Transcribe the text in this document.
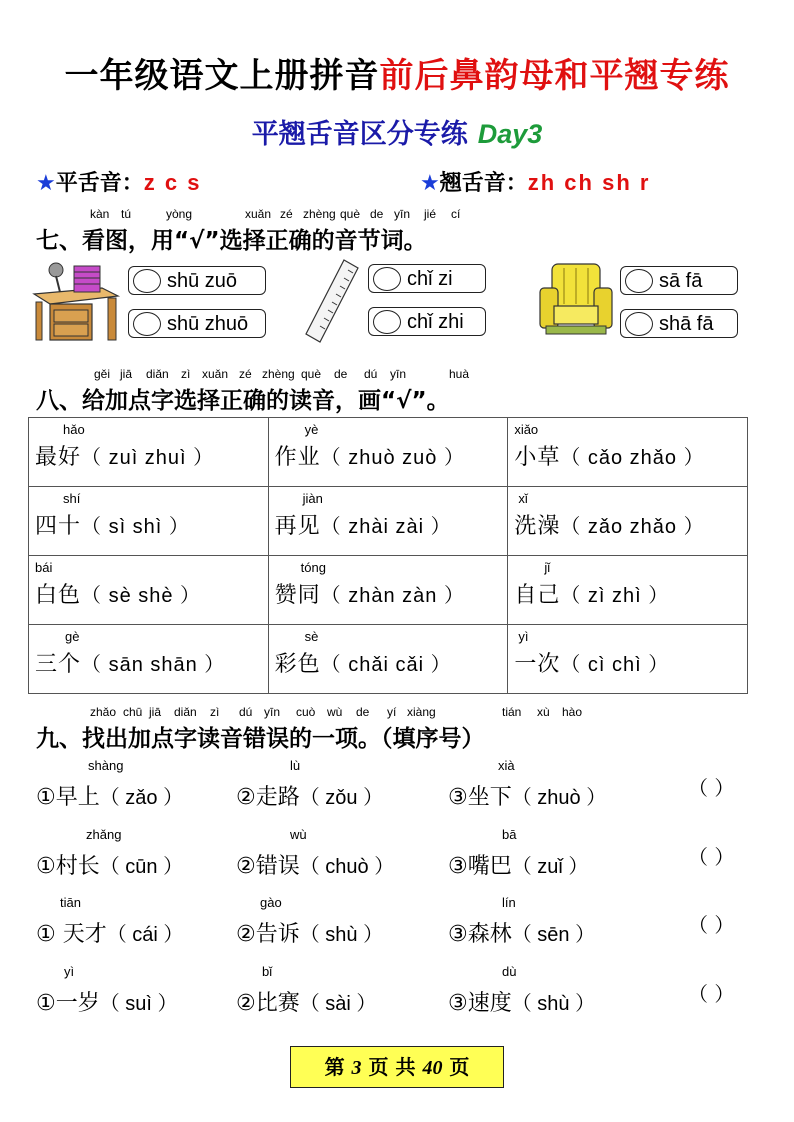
一年级语文上册拼音前后鼻韵母和平翘专练
平翘舌音区分专练 Day3
★平舌音：z c s	★翘舌音：zh ch sh r
kàn tú	yòng	xuǎn zé zhèng què de yīn jié cí
七、看图，用“√”选择正确的音节词。
shū zuō
shū zhuō
chǐ zi
chǐ zhi
sā fā
shā fā
gěi jiā diǎn zì xuǎn zé zhèng què de dú yīn	huà
八、给加点字选择正确的读音，画“√”。
hǎo
最好（ zuì zhuì ）	yè
作业（ zhuò zuò ）	xiǎo
小草（ cǎo zhǎo ）

shí
四十（ sì shì ）	jiàn
再见（ zhài zài ）	xǐ
洗澡（ zǎo zhǎo ）

bái
白色（ sè shè ）	tóng
赞同（ zhàn zàn ）	jǐ
自己（ zì zhì ）

gè
三个（ sān shān ）	sè
彩色（ chǎi cǎi ）	yì
一次（ cì chì ）
zhǎo chū jiā diǎn zì dú yīn cuò wù de yí xiàng	tián xù hào
九、找出加点字读音错误的一项。（填序号）
shàng
①早上（ zǎo ）
lù
②走路（ zǒu ）
xià
③坐下（ zhuò ）	（ ）
zhǎng
①村长（ cūn ）
wù
②错误（ chuò ）
bā
③嘴巴（ zuǐ ）	（ ）
tiān
① 天才（ cái ）
gào
②告诉（ shù ）
lín
③森林（ sēn ）	（ ）
yì
①一岁（ suì ）
bǐ
②比赛（ sài ）
dù
③速度（ shù ）	（ ）
第 3 页 共 40 页
